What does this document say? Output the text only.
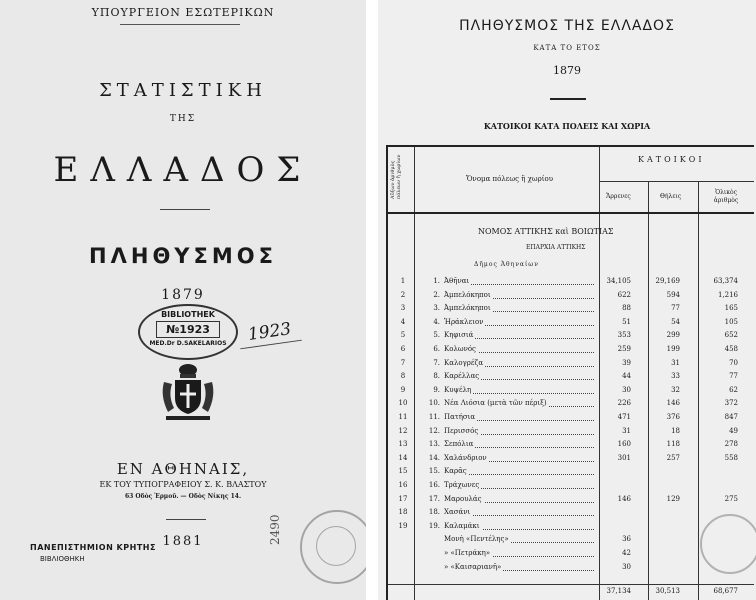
ΥΠΟΥΡΓΕΙΟΝ ΕΣΩΤΕΡΙΚΩΝ
ΣΤΑΤΙΣΤΙΚΗ
ΤΗΣ
ΕΛΛΑΔΟΣ
ΠΛΗΘΥΣΜΟΣ
1879
BIBLIOTHEK
№1923
MED.Dr D.SAKELARIOS	1923
ΕΝ ΑΘΗΝΑΙΣ,
ΕΚ ΤΟΥ ΤΥΠΟΓΡΑΦΕΙΟΥ Σ. Κ. ΒΛΑΣΤΟΥ
63 Οδὸς Ἑρμοῦ. — Οδὸς Νίκης 14.
1881
ΠΑΝΕΠΙΣΤΗΜΙΟΝ ΚΡΗΤΗΣ
ΒΙΒΛΙΟΘΗΚΗ
2490
ΠΛΗΘΥΣΜΟΣ ΤΗΣ ΕΛΛΑΔΟΣ
ΚΑΤΑ ΤΟ ΕΤΟΣ
1879
ΚΑΤΟΙΚΟΙ ΚΑΤΑ ΠΟΛΕΙΣ ΚΑΙ ΧΩΡΙΑ
Αὔξων ἀριθμὸς πόλεων ἢ χωρίων	Ὄνομα πόλεως ἢ χωρίου
ΚΑΤΟΙΚΟΙ
Ἄρρενες	Θήλεις
Ὁλικὸς ἀριθμὸς
ΝΟΜΟΣ ΑΤΤΙΚΗΣ καὶ ΒΟΙΩΤΙΑΣ
ΕΠΑΡΧΙΑ ΑΤΤΙΚΗΣ
Δῆμος Ἀθηναίων
1	1. Ἀθῆναι	34,105	29,169	63,374
2	2. Ἀμπελόκηποι	622	594	1,216
3	3. Ἀμπελόκηποι	88	77	165
4	4. Ἡράκλειον	51	54	105
5	5. Κηφισιά	353	299	652
6	6. Κολωνός	259	199	458
7	7. Καλογρέζα	39	31	70
8	8. Καρέλλας	44	33	77
9	9. Κυψέλη	30	32	62
10	10. Νέα Λιόσια (μετὰ τῶν πέριξ)	226	146	372
11	11. Πατήσια	471	376	847
12	12. Περισσός	31	18	49
13	13. Σεπόλια	160	118	278
14	14. Χαλάνδριον	301	257	558
15	15. Καρᾶς
16	16. Τράχωνες
17	17. Μαρουλάς	146	129	275
18	18. Χασάνι
19	19. Καλαμάκι
Μονὴ «Πεντέλης»	36
» «Πετράκη»	42
» «Καισαριανῆ»	30
37,134	30,513	68,677
